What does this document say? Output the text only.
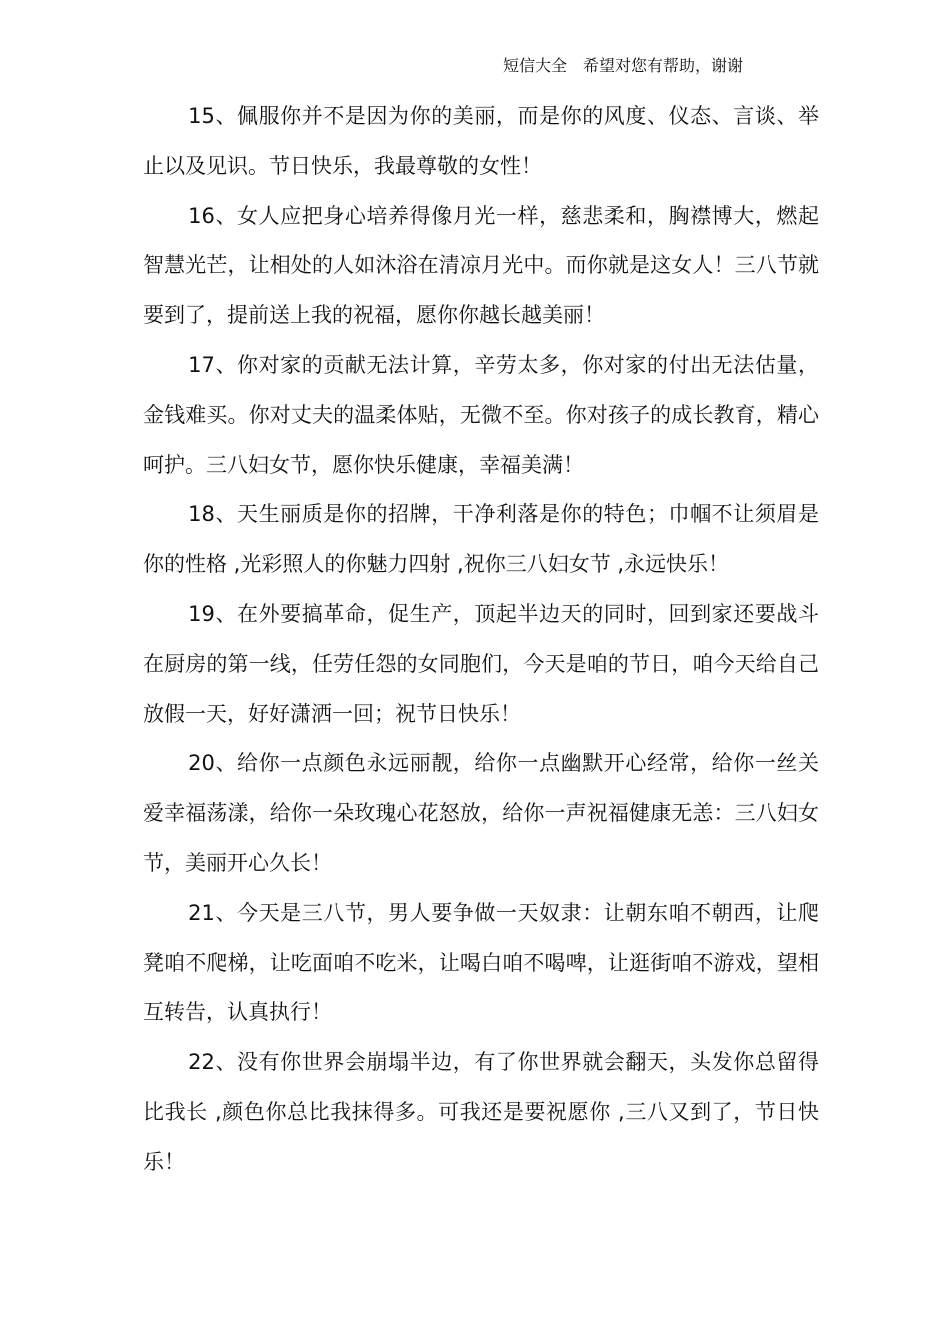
短信大全 希望对您有帮助，谢谢

15、佩服你并不是因为你的美丽，而是你的风度、仪态、言谈、举止以及见识。节日快乐，我最尊敬的女性！

16、女人应把身心培养得像月光一样，慈悲柔和，胸襟博大，燃起智慧光芒，让相处的人如沐浴在清凉月光中。而你就是这女人！三八节就要到了，提前送上我的祝福，愿你你越长越美丽！

17、你对家的贡献无法计算，辛劳太多，你对家的付出无法估量，金钱难买。你对丈夫的温柔体贴，无微不至。你对孩子的成长教育，精心呵护。三八妇女节，愿你快乐健康，幸福美满！

18、天生丽质是你的招牌，干净利落是你的特色；巾帼不让须眉是你的性格 ,光彩照人的你魅力四射 ,祝你三八妇女节 ,永远快乐！

19、在外要搞革命，促生产，顶起半边天的同时，回到家还要战斗在厨房的第一线，任劳任怨的女同胞们，今天是咱的节日，咱今天给自己放假一天，好好潇洒一回；祝节日快乐！

20、给你一点颜色永远丽靓，给你一点幽默开心经常，给你一丝关爱幸福荡漾，给你一朵玫瑰心花怒放，给你一声祝福健康无恙：三八妇女节，美丽开心久长！

21、今天是三八节，男人要争做一天奴隶：让朝东咱不朝西，让爬凳咱不爬梯，让吃面咱不吃米，让喝白咱不喝啤，让逛街咱不游戏，望相互转告，认真执行！

22、没有你世界会崩塌半边，有了你世界就会翻天，头发你总留得比我长 ,颜色你总比我抹得多。可我还是要祝愿你 ,三八又到了，节日快乐！
